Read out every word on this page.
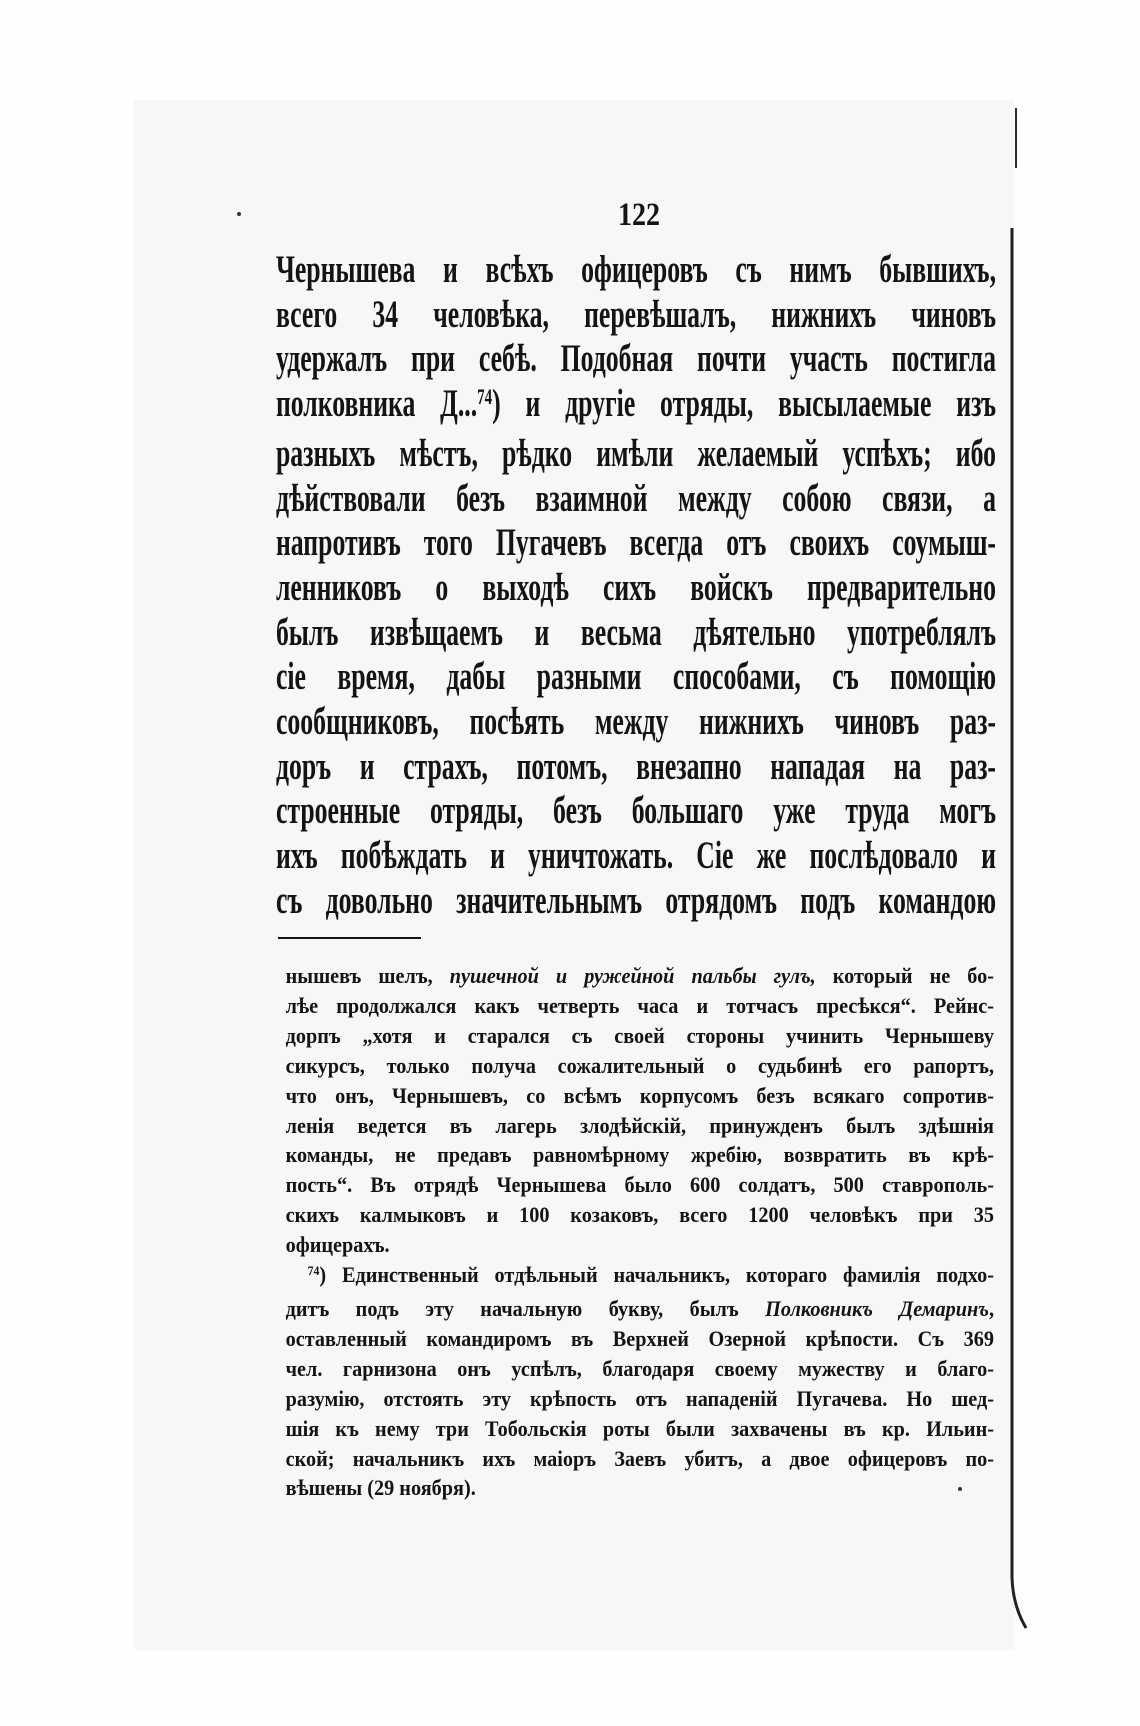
122
Чернышева и всѣхъ офицеровъ съ нимъ бывшихъ,
всего 34 человѣка, перевѣшалъ, нижнихъ чиновъ
удержалъ при себѣ. Подобная почти участь постигла
полковника Д...$^{74}$) и другіе отряды, высылаемые изъ
разныхъ мѣстъ, рѣдко имѣли желаемый успѣхъ; ибо
дѣйствовали безъ взаимной между собою связи, а
напротивъ того Пугачевъ всегда отъ своихъ соумыш-
ленниковъ о выходѣ сихъ войскъ предварительно
былъ извѣщаемъ и весьма дѣятельно употреблялъ
сіе время, дабы разными способами, съ помощію
сообщниковъ, посѣять между нижнихъ чиновъ раз-
доръ и страхъ, потомъ, внезапно нападая на раз-
строенные отряды, безъ большаго уже труда могъ
ихъ побѣждать и уничтожать. Сіе же послѣдовало и
съ довольно значительнымъ отрядомъ подъ командою
нышевъ шелъ, пушечной и ружейной пальбы гулъ, который не бо-
лѣе продолжался какъ четверть часа и тотчасъ пресѣкся“. Рейнс-
дорпъ „хотя и старался съ своей стороны учинить Чернышеву
сикурсъ, только получа сожалительный о судьбинѣ его рапортъ,
что онъ, Чернышевъ, со всѣмъ корпусомъ безъ всякаго сопротив-
ленія ведется въ лагерь злодѣйскій, принужденъ былъ здѣшнія
команды, не предавъ равномѣрному жребію, возвратить въ крѣ-
пость“. Въ отрядѣ Чернышева было 600 солдатъ, 500 ставрополь-
скихъ калмыковъ и 100 козаковъ, всего 1200 человѣкъ при 35
офицерахъ.
$^{74}$) Единственный отдѣльный начальникъ, котораго фамилія подхо-
дитъ подъ эту начальную букву, былъ Полковникъ Демаринъ,
оставленный командиромъ въ Верхней Озерной крѣпости. Съ 369
чел. гарнизона онъ успѣлъ, благодаря своему мужеству и благо-
разумію, отстоять эту крѣпость отъ нападеній Пугачева. Но шед-
шія къ нему три Тобольскія роты были захвачены въ кр. Ильин-
ской; начальникъ ихъ маіоръ Заевъ убитъ, а двое офицеровъ по-
вѣшены (29 ноября).
